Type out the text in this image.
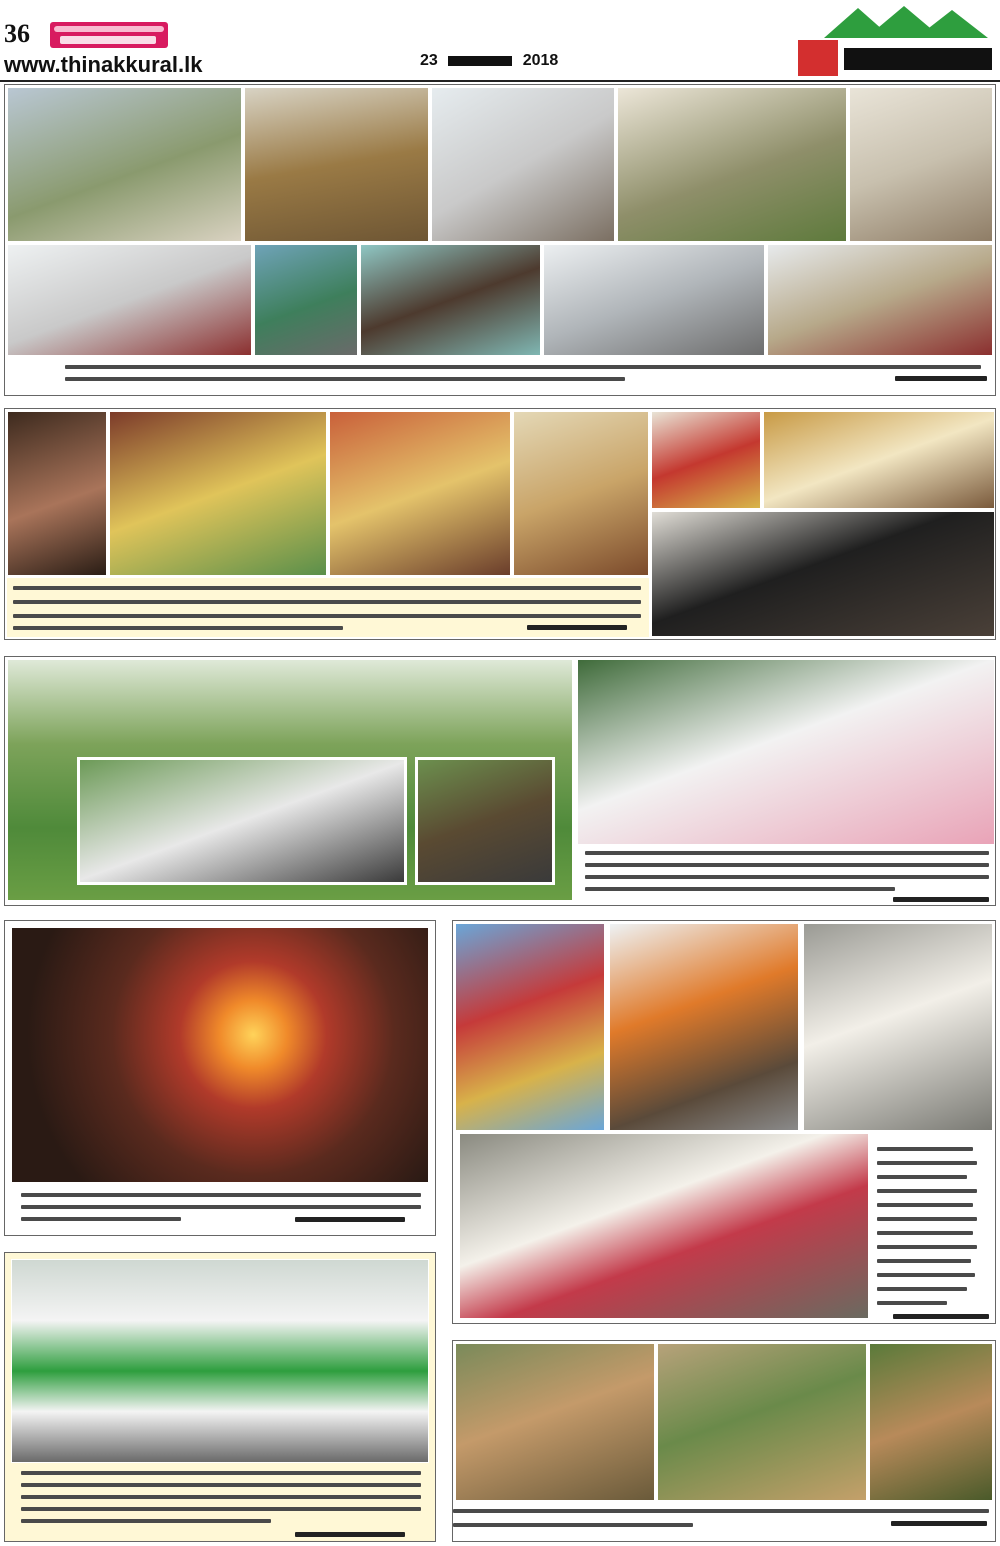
36
www.thinakkural.lk	23	2018
